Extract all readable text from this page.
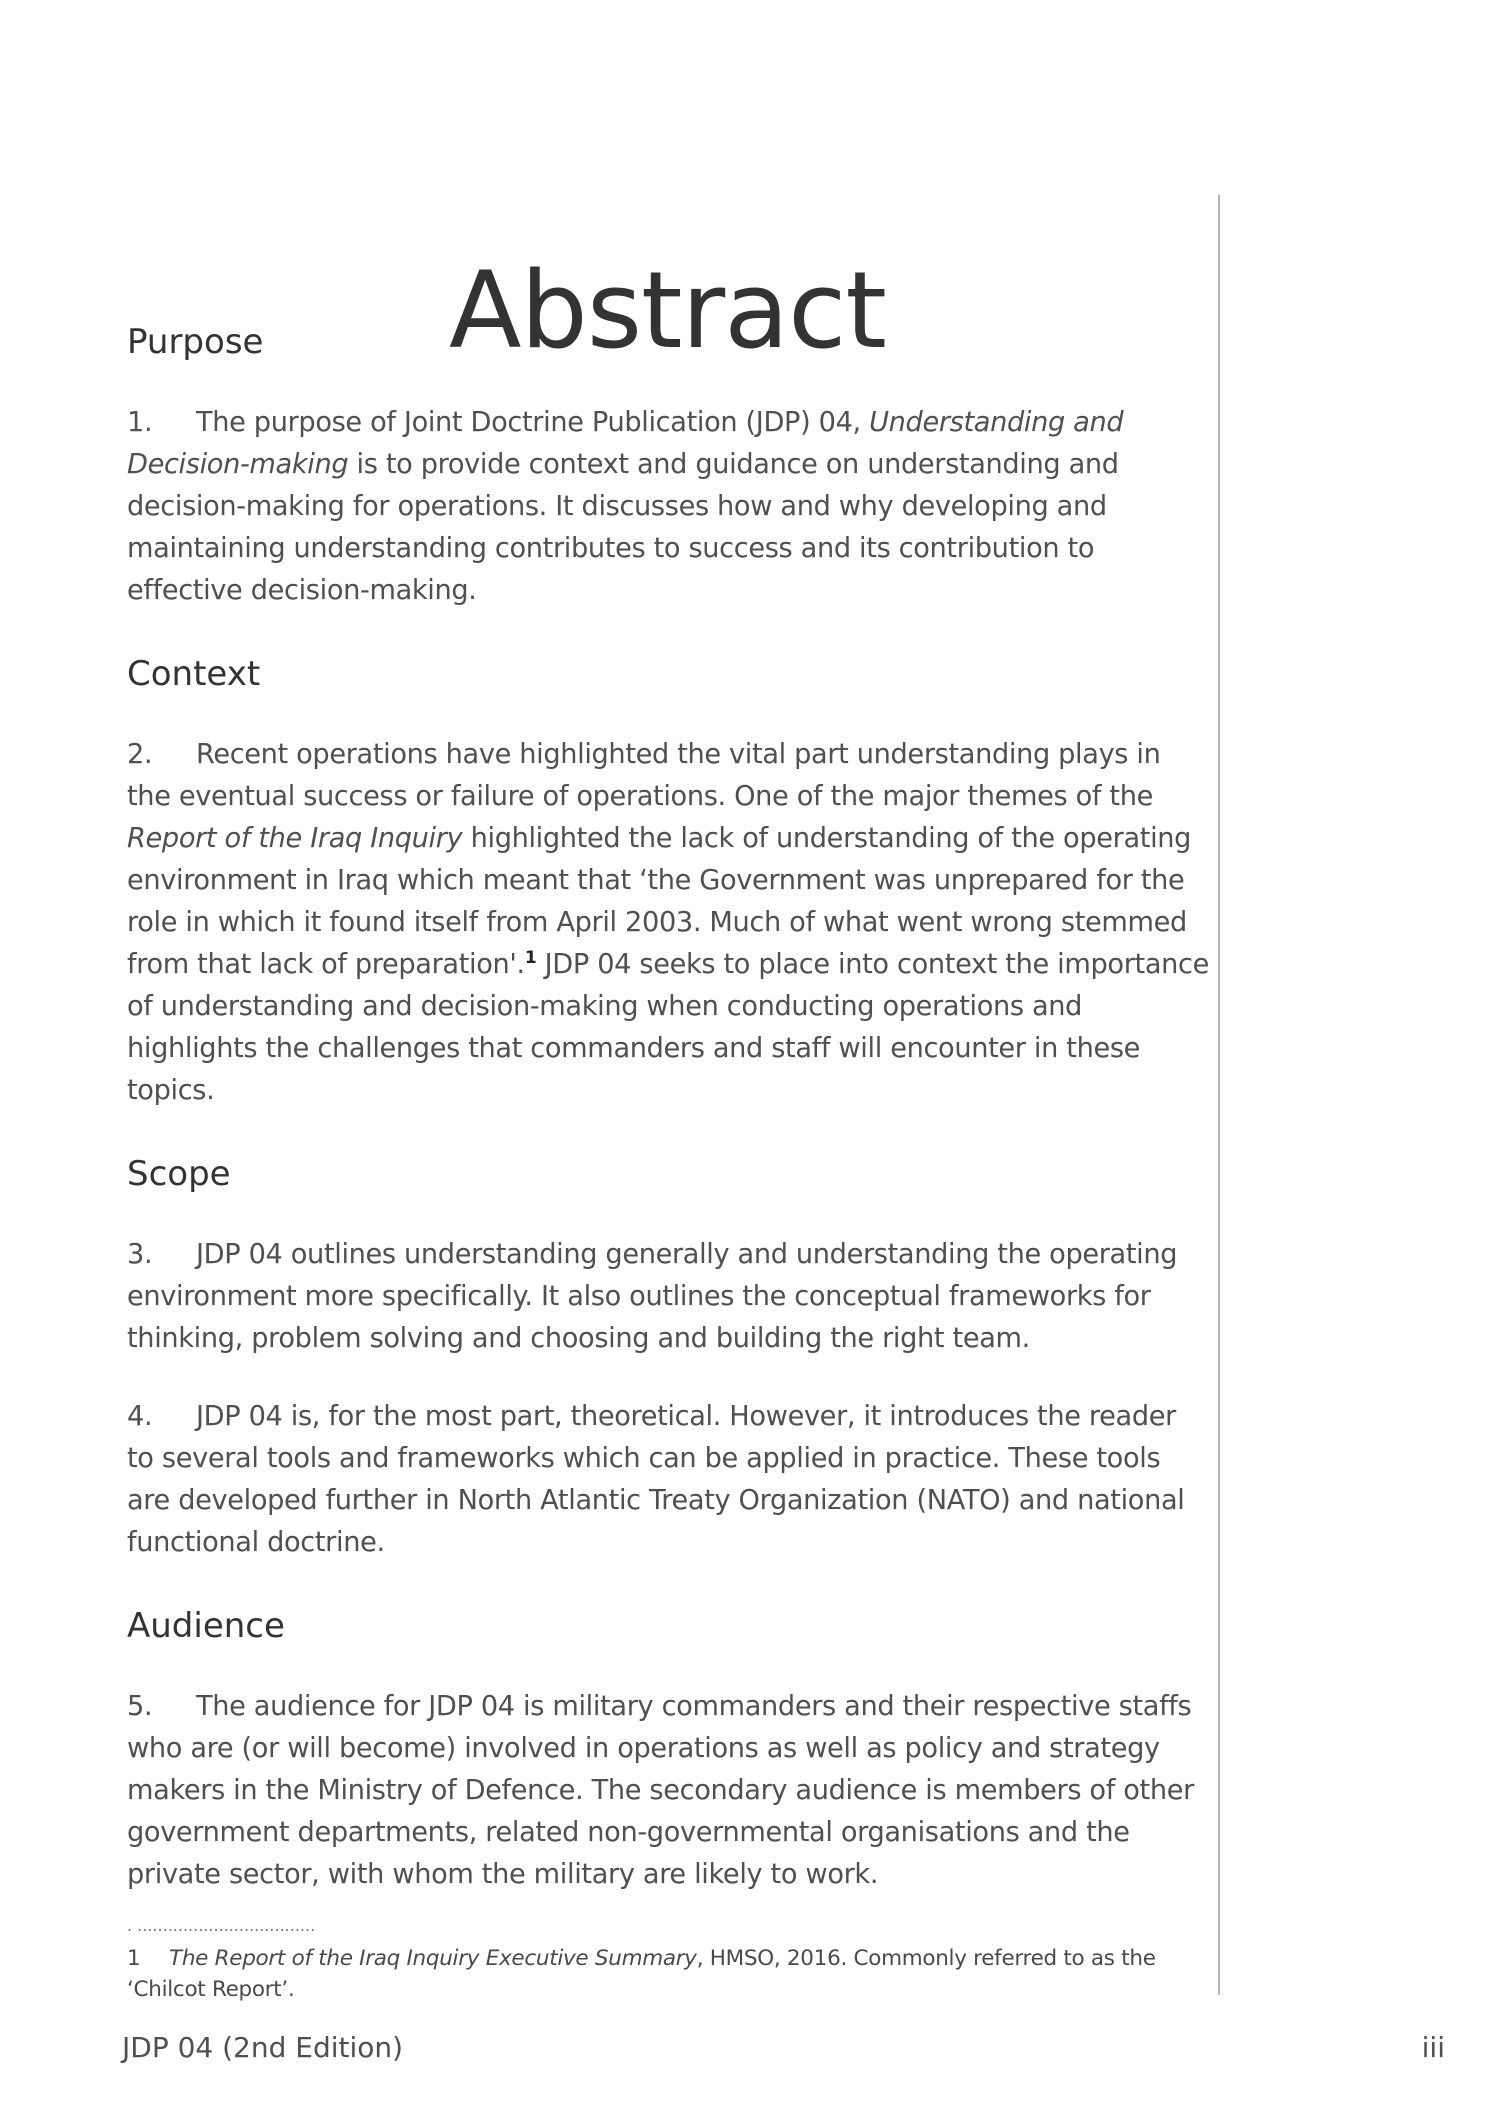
Abstract
Purpose

1. The purpose of Joint Doctrine Publication (JDP) 04, Understanding and Decision-making is to provide context and guidance on understanding and decision-making for operations. It discusses how and why developing and maintaining understanding contributes to success and its contribution to effective decision-making.

Context

2. Recent operations have highlighted the vital part understanding plays in the eventual success or failure of operations. One of the major themes of the Report of the Iraq Inquiry highlighted the lack of understanding of the operating environment in Iraq which meant that ‘the Government was unprepared for the role in which it found itself from April 2003. Much of what went wrong stemmed from that lack of preparation'.$^1$ JDP 04 seeks to place into context the importance of understanding and decision-making when conducting operations and highlights the challenges that commanders and staff will encounter in these topics.

Scope

3. JDP 04 outlines understanding generally and understanding the operating environment more specifically. It also outlines the conceptual frameworks for thinking, problem solving and choosing and building the right team.

4. JDP 04 is, for the most part, theoretical. However, it introduces the reader to several tools and frameworks which can be applied in practice. These tools are developed further in North Atlantic Treaty Organization (NATO) and national functional doctrine.

Audience

5. The audience for JDP 04 is military commanders and their respective staffs who are (or will become) involved in operations as well as policy and strategy makers in the Ministry of Defence. The secondary audience is members of other government departments, related non-governmental organisations and the private sector, with whom the military are likely to work.

. ...................................
1 The Report of the Iraq Inquiry Executive Summary, HMSO, 2016. Commonly referred to as the ‘Chilcot Report’.
JDP 04 (2nd Edition)	iii
